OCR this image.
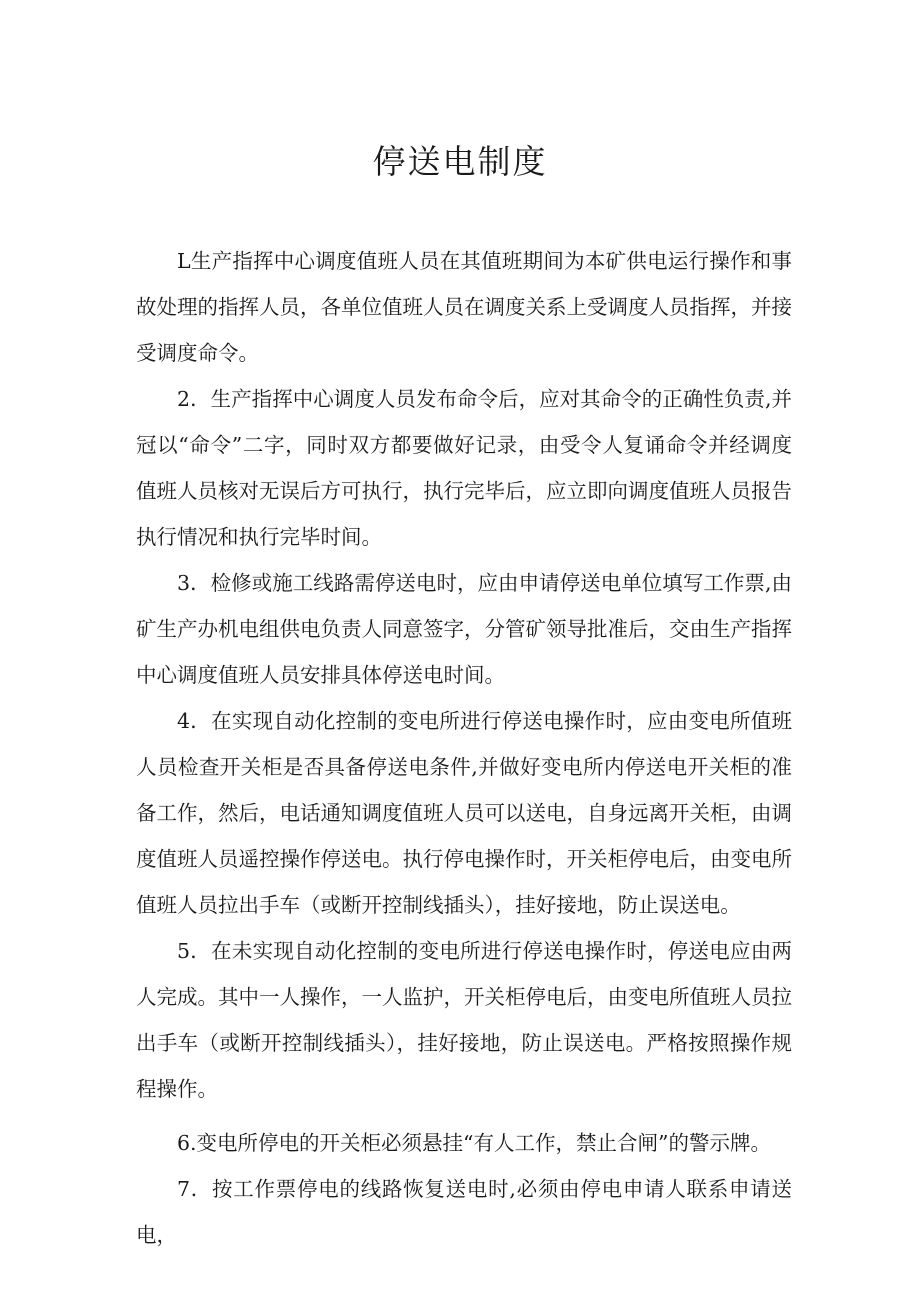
停送电制度

L生产指挥中心调度值班人员在其值班期间为本矿供电运行操作和事故处理的指挥人员，各单位值班人员在调度关系上受调度人员指挥，并接受调度命令。

2．生产指挥中心调度人员发布命令后，应对其命令的正确性负责,并冠以“命令”二字，同时双方都要做好记录，由受令人复诵命令并经调度值班人员核对无误后方可执行，执行完毕后，应立即向调度值班人员报告执行情况和执行完毕时间。

3．检修或施工线路需停送电时，应由申请停送电单位填写工作票,由矿生产办机电组供电负责人同意签字，分管矿领导批准后，交由生产指挥中心调度值班人员安排具体停送电时间。

4．在实现自动化控制的变电所进行停送电操作时，应由变电所值班人员检查开关柜是否具备停送电条件,并做好变电所内停送电开关柜的准备工作，然后，电话通知调度值班人员可以送电，自身远离开关柜，由调度值班人员遥控操作停送电。执行停电操作时，开关柜停电后，由变电所值班人员拉出手车（或断开控制线插头），挂好接地，防止误送电。

5．在未实现自动化控制的变电所进行停送电操作时，停送电应由两人完成。其中一人操作，一人监护，开关柜停电后，由变电所值班人员拉出手车（或断开控制线插头），挂好接地，防止误送电。严格按照操作规程操作。

6.变电所停电的开关柜必须悬挂“有人工作，禁止合闸”的警示牌。

7．按工作票停电的线路恢复送电时,必须由停电申请人联系申请送电，
